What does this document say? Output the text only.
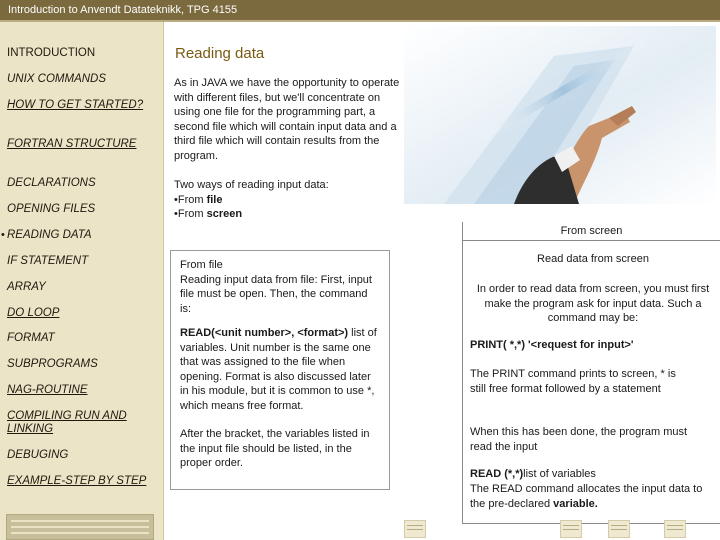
Introduction to Anvendt Datateknikk, TPG 4155
INTRODUCTION
UNIX COMMANDS
HOW TO GET STARTED?
FORTRAN STRUCTURE
DECLARATIONS
OPENING FILES
• READING DATA
IF STATEMENT
ARRAY
DO LOOP
FORMAT
SUBPROGRAMS
NAG-ROUTINE
COMPILING RUN AND LINKING
DEBUGING
EXAMPLE-STEP BY STEP
Reading data
As in JAVA we have the opportunity to operate with different files, but we'll concentrate on using one file for the programming part, a second file which will contain input data and a third file which will contain results from the program.
Two ways of reading input data:
•From file
•From screen
From file
Reading input data from file: First, input file must be open. Then, the command is:
READ(<unit number>, <format>) list of variables. Unit number is the same one that was assigned to the file when opening. Format is also discussed later in his module, but it is common to use *, which means free format.
After the bracket, the variables listed in the input file should be listed, in the proper order.
From screen
Read data from screen
In order to read data from screen, you must first make the program ask for input data. Such a command may be:
PRINT( *,*) '<request for input>'
The PRINT command prints to screen, * is still free format followed by a statement
When this has been done, the program must read the input
READ (*,*)list of variables
The READ command allocates the input data to the pre-declared variable.
